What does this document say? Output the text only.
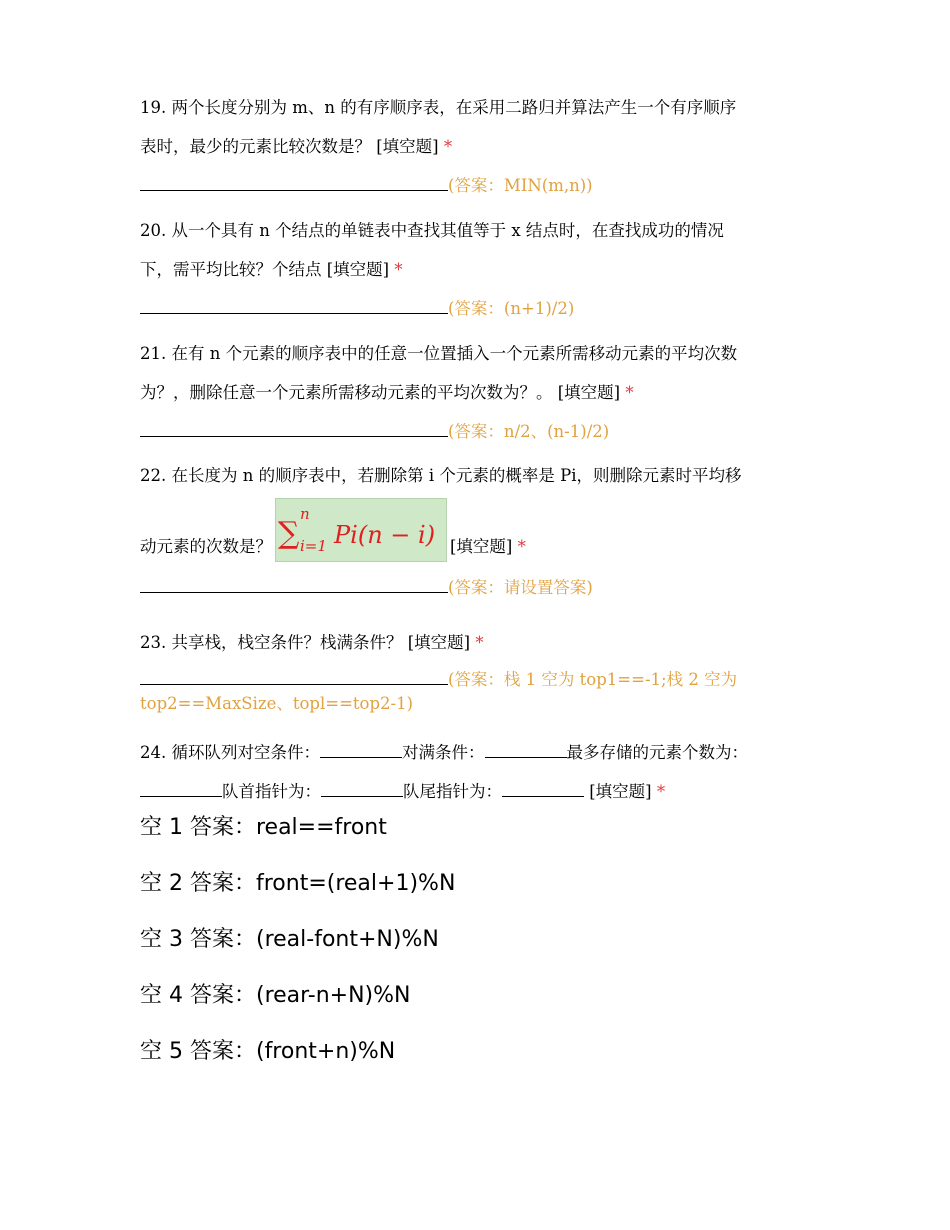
19. 两个长度分别为 m、n 的有序顺序表，在采用二路归并算法产生一个有序顺序
表时，最少的元素比较次数是？ [填空题] *
(答案：MIN(m,n))
20. 从一个具有 n 个结点的单链表中查找其值等于 x 结点时，在查找成功的情况
下，需平均比较？个结点 [填空题] *
(答案：(n+1)/2)
21. 在有 n 个元素的顺序表中的任意一位置插入一个元素所需移动元素的平均次数
为？，删除任意一个元素所需移动元素的平均次数为？。 [填空题] *
(答案：n/2、(n-1)/2)
22. 在长度为 n 的顺序表中，若删除第 i 个元素的概率是 Pi，则删除元素时平均移
动元素的次数是？ ∑
n
i=1 Pi(n − i) [填空题] *
(答案：请设置答案)
23. 共享栈，栈空条件？栈满条件？ [填空题] *
(答案：栈 1 空为 top1==-1;栈 2 空为
top2==MaxSize、topl==top2-1)
24. 循环队列对空条件：	对满条件：	最多存储的元素个数为：
队首指针为：	队尾指针为：	[填空题] *
空 1 答案：real==front
空 2 答案：front=(real+1)%N
空 3 答案：(real-font+N)%N
空 4 答案：(rear-n+N)%N
空 5 答案：(front+n)%N
